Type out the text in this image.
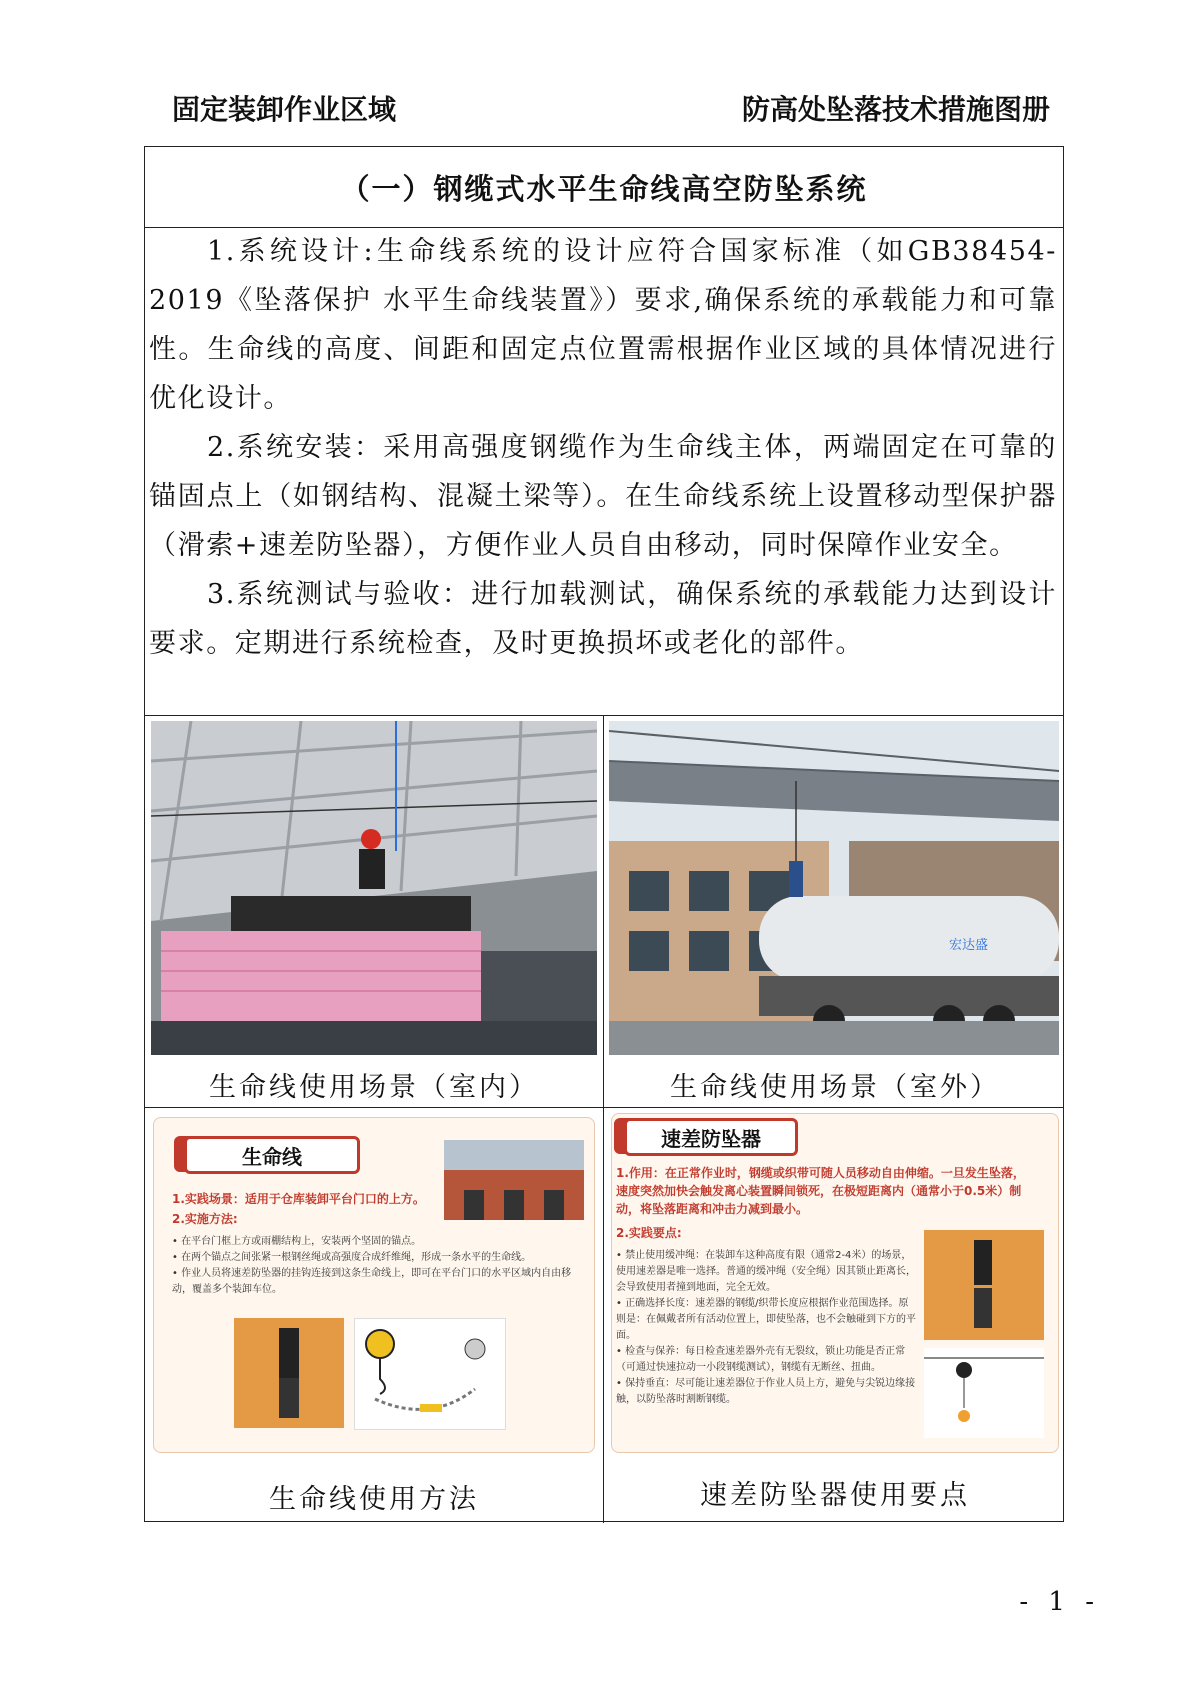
固定装卸作业区域	防高处坠落技术措施图册
（一）钢缆式水平生命线高空防坠系统

1.系统设计:生命线系统的设计应符合国家标准（如GB38454-2019《坠落保护 水平生命线装置》）要求,确保系统的承载能力和可靠性。生命线的高度、间距和固定点位置需根据作业区域的具体情况进行优化设计。

2.系统安装：采用高强度钢缆作为生命线主体，两端固定在可靠的锚固点上（如钢结构、混凝土梁等）。在生命线系统上设置移动型保护器（滑索+速差防坠器），方便作业人员自由移动，同时保障作业安全。

3.系统测试与验收：进行加载测试，确保系统的承载能力达到设计要求。定期进行系统检查，及时更换损坏或老化的部件。

宏达盛
生命线使用场景（室内）	生命线使用场景（室外）
生命线
1.实践场景：适用于仓库装卸平台门口的上方。
2.实施方法:
• 在平台门框上方或雨棚结构上，安装两个坚固的锚点。
• 在两个锚点之间张紧一根钢丝绳或高强度合成纤维绳，形成一条水平的生命线。
• 作业人员将速差防坠器的挂钩连接到这条生命线上，即可在平台门口的水平区域内自由移动，覆盖多个装卸车位。
速差防坠器
1.作用：在正常作业时，钢缆或织带可随人员移动自由伸缩。一旦发生坠落，速度突然加快会触发离心装置瞬间锁死，在极短距离内（通常小于0.5米）制动，将坠落距离和冲击力减到最小。
2.实践要点:
• 禁止使用缓冲绳：在装卸车这种高度有限（通常2-4米）的场景，使用速差器是唯一选择。普通的缓冲绳（安全绳）因其锁止距离长，会导致使用者撞到地面，完全无效。
• 正确选择长度：速差器的钢缆/织带长度应根据作业范围选择。原则是：在佩戴者所有活动位置上，即使坠落，也不会触碰到下方的平面。
• 检查与保养：每日检查速差器外壳有无裂纹，锁止功能是否正常（可通过快速拉动一小段钢缆测试），钢缆有无断丝、扭曲。
• 保持垂直：尽可能让速差器位于作业人员上方，避免与尖锐边缘接触，以防坠落时割断钢缆。
生命线使用方法	速差防坠器使用要点
- 1 -
